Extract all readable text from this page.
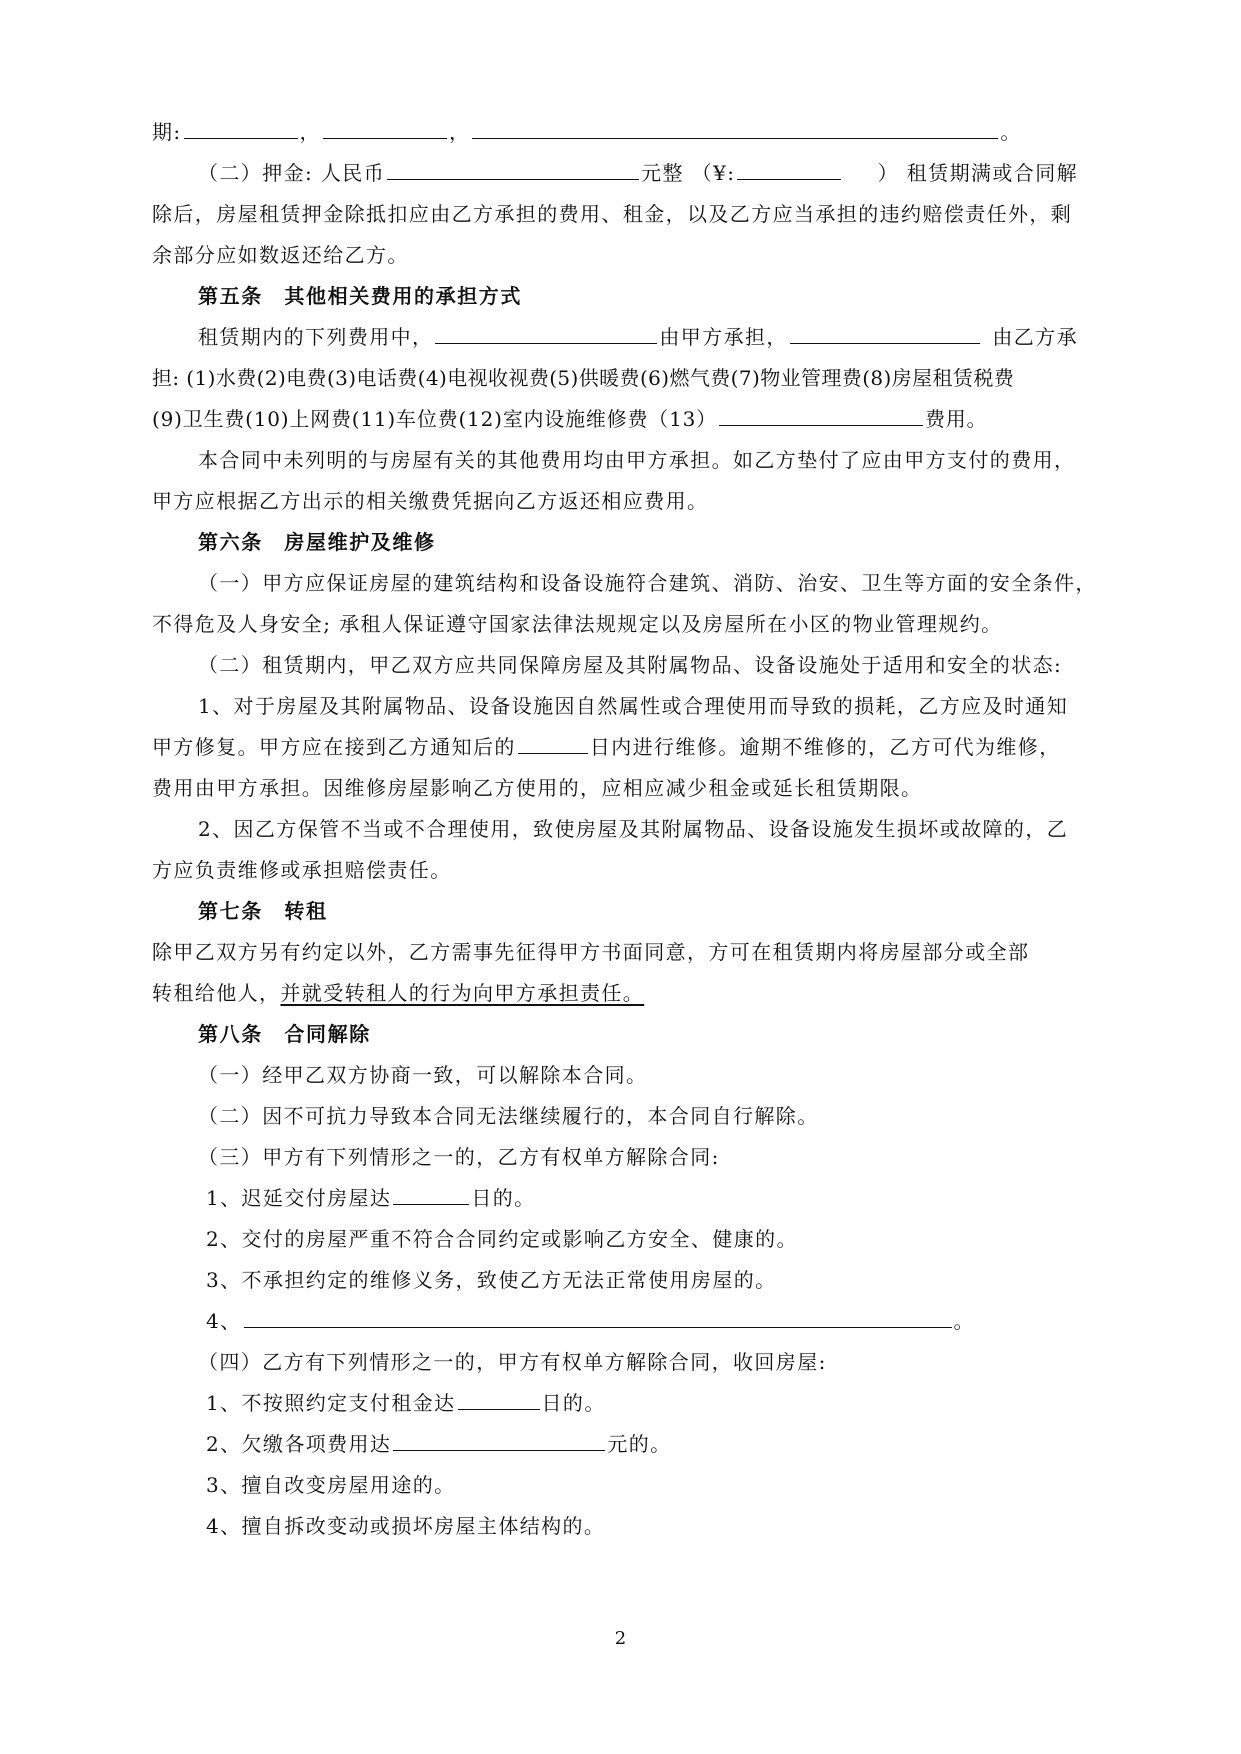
期:	，	，	。
（二）押金: 人民币	元整 （¥:	） 租赁期满或合同解
除后，房屋租赁押金除抵扣应由乙方承担的费用、租金，以及乙方应当承担的违约赔偿责任外，剩
余部分应如数返还给乙方。
第五条　其他相关费用的承担方式
租赁期内的下列费用中，	由甲方承担，	由乙方承
担: (1)水费(2)电费(3)电话费(4)电视收视费(5)供暖费(6)燃气费(7)物业管理费(8)房屋租赁税费
(9)卫生费(10)上网费(11)车位费(12)室内设施维修费（13）	费用。
本合同中未列明的与房屋有关的其他费用均由甲方承担。如乙方垫付了应由甲方支付的费用，
甲方应根据乙方出示的相关缴费凭据向乙方返还相应费用。
第六条　房屋维护及维修
（一）甲方应保证房屋的建筑结构和设备设施符合建筑、消防、治安、卫生等方面的安全条件，
不得危及人身安全; 承租人保证遵守国家法律法规规定以及房屋所在小区的物业管理规约。
（二）租赁期内，甲乙双方应共同保障房屋及其附属物品、设备设施处于适用和安全的状态:
1、对于房屋及其附属物品、设备设施因自然属性或合理使用而导致的损耗，乙方应及时通知
甲方修复。甲方应在接到乙方通知后的	日内进行维修。逾期不维修的，乙方可代为维修，
费用由甲方承担。因维修房屋影响乙方使用的，应相应减少租金或延长租赁期限。
2、因乙方保管不当或不合理使用，致使房屋及其附属物品、设备设施发生损坏或故障的，乙
方应负责维修或承担赔偿责任。
第七条　转租
除甲乙双方另有约定以外，乙方需事先征得甲方书面同意，方可在租赁期内将房屋部分或全部
转租给他人，并就受转租人的行为向甲方承担责任。
第八条　合同解除
（一）经甲乙双方协商一致，可以解除本合同。
（二）因不可抗力导致本合同无法继续履行的，本合同自行解除。
（三）甲方有下列情形之一的，乙方有权单方解除合同:
1、迟延交付房屋达	日的。
2、交付的房屋严重不符合合同约定或影响乙方安全、健康的。
3、不承担约定的维修义务，致使乙方无法正常使用房屋的。
4、	。
（四）乙方有下列情形之一的，甲方有权单方解除合同，收回房屋:
1、不按照约定支付租金达	日的。
2、欠缴各项费用达	元的。
3、擅自改变房屋用途的。
4、擅自拆改变动或损坏房屋主体结构的。
2
